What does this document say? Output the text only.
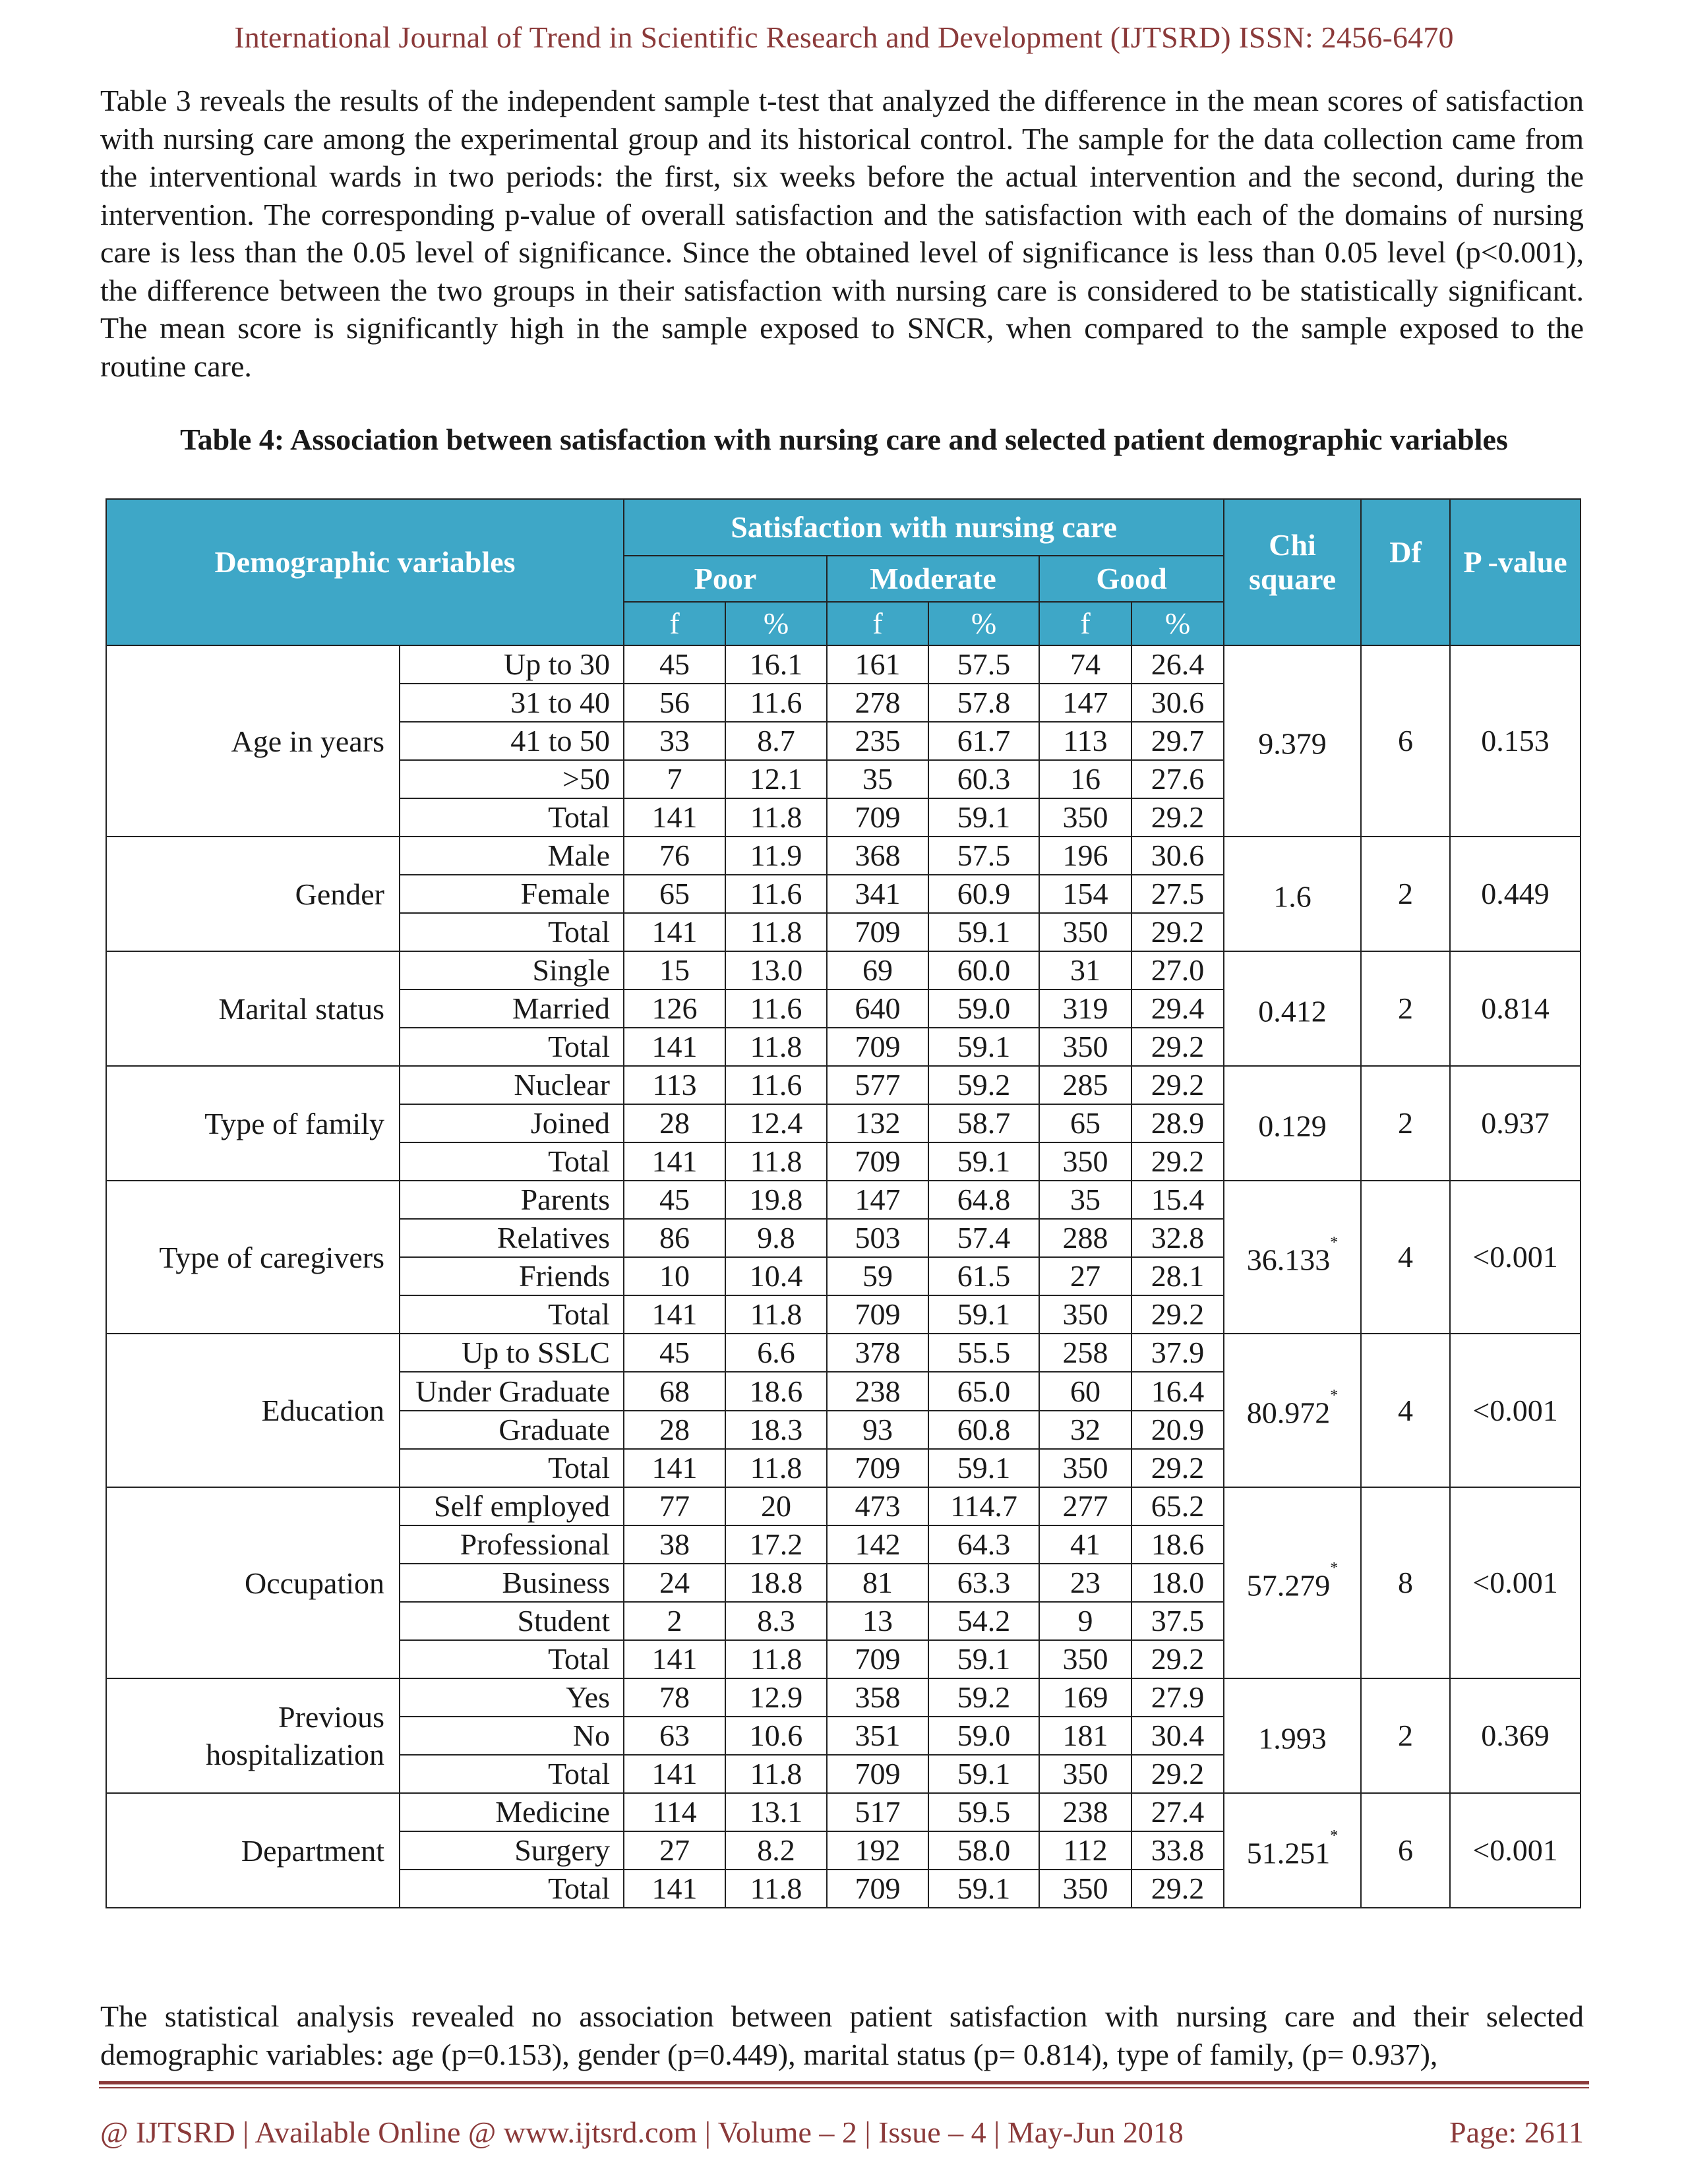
International Journal of Trend in Scientific Research and Development (IJTSRD) ISSN: 2456-6470

Table 3 reveals the results of the independent sample t-test that analyzed the difference in the mean scores of satisfaction with nursing care among the experimental group and its historical control. The sample for the data collection came from the interventional wards in two periods: the first, six weeks before the actual intervention and the second, during the intervention. The corresponding p-value of overall satisfaction and the satisfaction with each of the domains of nursing care is less than the 0.05 level of significance. Since the obtained level of significance is less than 0.05 level (p<0.001), the difference between the two groups in their satisfaction with nursing care is considered to be statistically significant. The mean score is significantly high in the sample exposed to SNCR, when compared to the sample exposed to the routine care.

Table 4: Association between satisfaction with nursing care and selected patient demographic variables
Demographic variables		Satisfaction with nursing care						Chi square	Df	P -value
		Poor		Moderate		Good				
		f	%	f	%	f	%			
Age in years	Up to 30	45	16.1	161	57.5	74	26.4	9.379	6	0.153
	31 to 40	56	11.6	278	57.8	147	30.6			
	41 to 50	33	8.7	235	61.7	113	29.7			
	>50	7	12.1	35	60.3	16	27.6			
	Total	141	11.8	709	59.1	350	29.2			
Gender	Male	76	11.9	368	57.5	196	30.6	1.6	2	0.449
	Female	65	11.6	341	60.9	154	27.5			
	Total	141	11.8	709	59.1	350	29.2			
Marital status	Single	15	13.0	69	60.0	31	27.0	0.412	2	0.814
	Married	126	11.6	640	59.0	319	29.4			
	Total	141	11.8	709	59.1	350	29.2			
Type of family	Nuclear	113	11.6	577	59.2	285	29.2	0.129	2	0.937
	Joined	28	12.4	132	58.7	65	28.9			
	Total	141	11.8	709	59.1	350	29.2			
Type of caregivers	Parents	45	19.8	147	64.8	35	15.4	36.133*	4	<0.001
	Relatives	86	9.8	503	57.4	288	32.8			
	Friends	10	10.4	59	61.5	27	28.1			
	Total	141	11.8	709	59.1	350	29.2			
Education	Up to SSLC	45	6.6	378	55.5	258	37.9	80.972*	4	<0.001
	Under Graduate	68	18.6	238	65.0	60	16.4			
	Graduate	28	18.3	93	60.8	32	20.9			
	Total	141	11.8	709	59.1	350	29.2			
Occupation	Self employed	77	20	473	114.7	277	65.2	57.279*	8	<0.001
	Professional	38	17.2	142	64.3	41	18.6			
	Business	24	18.8	81	63.3	23	18.0			
	Student	2	8.3	13	54.2	9	37.5			
	Total	141	11.8	709	59.1	350	29.2			
Previous hospitalization	Yes	78	12.9	358	59.2	169	27.9	1.993	2	0.369
	No	63	10.6	351	59.0	181	30.4			
	Total	141	11.8	709	59.1	350	29.2			
Department	Medicine	114	13.1	517	59.5	238	27.4	51.251*	6	<0.001
	Surgery	27	8.2	192	58.0	112	33.8			
	Total	141	11.8	709	59.1	350	29.2			

The statistical analysis revealed no association between patient satisfaction with nursing care and their selected demographic variables: age (p=0.153), gender (p=0.449), marital status (p= 0.814), type of family, (p= 0.937),

@ IJTSRD | Available Online @ www.ijtsrd.com | Volume – 2 | Issue – 4 | May-Jun 2018	Page: 2611
